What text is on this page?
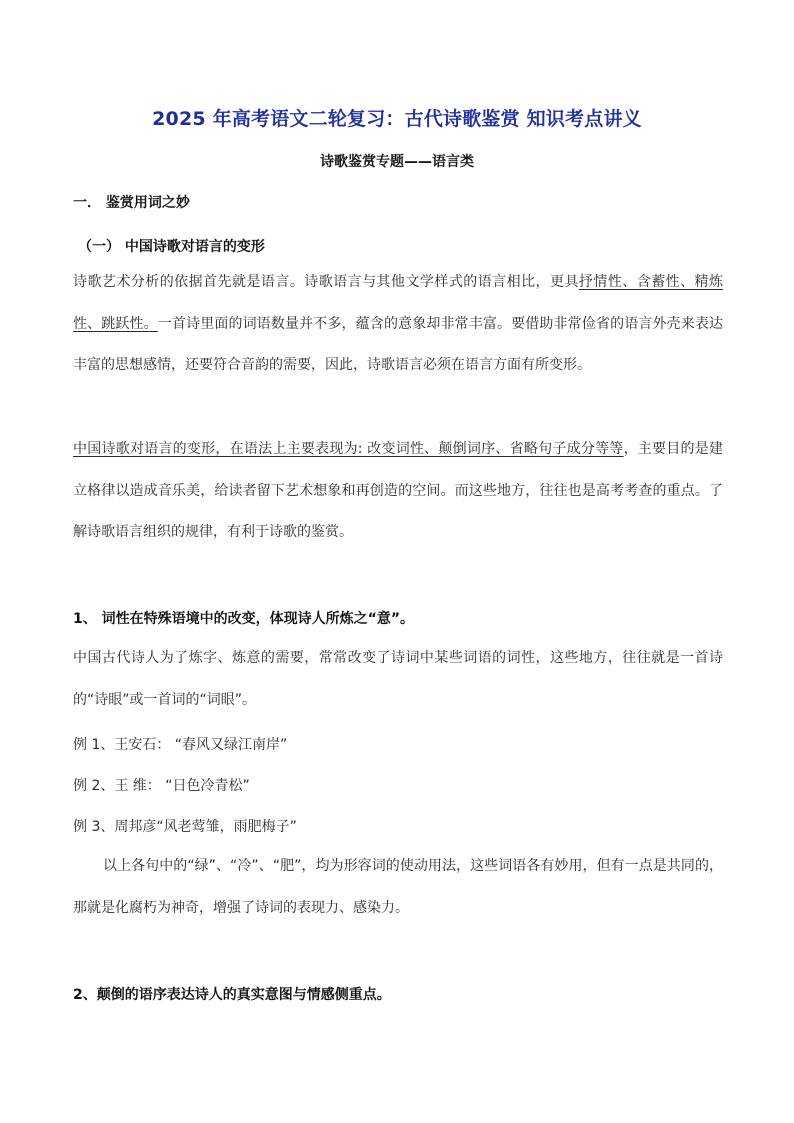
2025 年高考语文二轮复习：古代诗歌鉴赏 知识考点讲义
诗歌鉴赏专题——语言类
一． 鉴赏用词之妙
（一） 中国诗歌对语言的变形
诗歌艺术分析的依据首先就是语言。诗歌语言与其他文学样式的语言相比，更具抒情性、含蓄性、精炼性、跳跃性。一首诗里面的词语数量并不多，蕴含的意象却非常丰富。要借助非常俭省的语言外壳来表达丰富的思想感情，还要符合音韵的需要，因此，诗歌语言必须在语言方面有所变形。
中国诗歌对语言的变形，在语法上主要表现为: 改变词性、颠倒词序、省略句子成分等等，主要目的是建立格律以造成音乐美，给读者留下艺术想象和再创造的空间。而这些地方，往往也是高考考查的重点。了解诗歌语言组织的规律，有利于诗歌的鉴赏。
1、 词性在特殊语境中的改变，体现诗人所炼之“意”。
中国古代诗人为了炼字、炼意的需要，常常改变了诗词中某些词语的词性，这些地方，往往就是一首诗的“诗眼”或一首词的“词眼”。
例 1、王安石： “春风又绿江南岸”
例 2、王 维： “日色冷青松”
例 3、周邦彦“风老莺雏，雨肥梅子”
以上各句中的“绿”、“冷”、“肥”，均为形容词的使动用法，这些词语各有妙用，但有一点是共同的，那就是化腐朽为神奇，增强了诗词的表现力、感染力。
2、颠倒的语序表达诗人的真实意图与情感侧重点。
